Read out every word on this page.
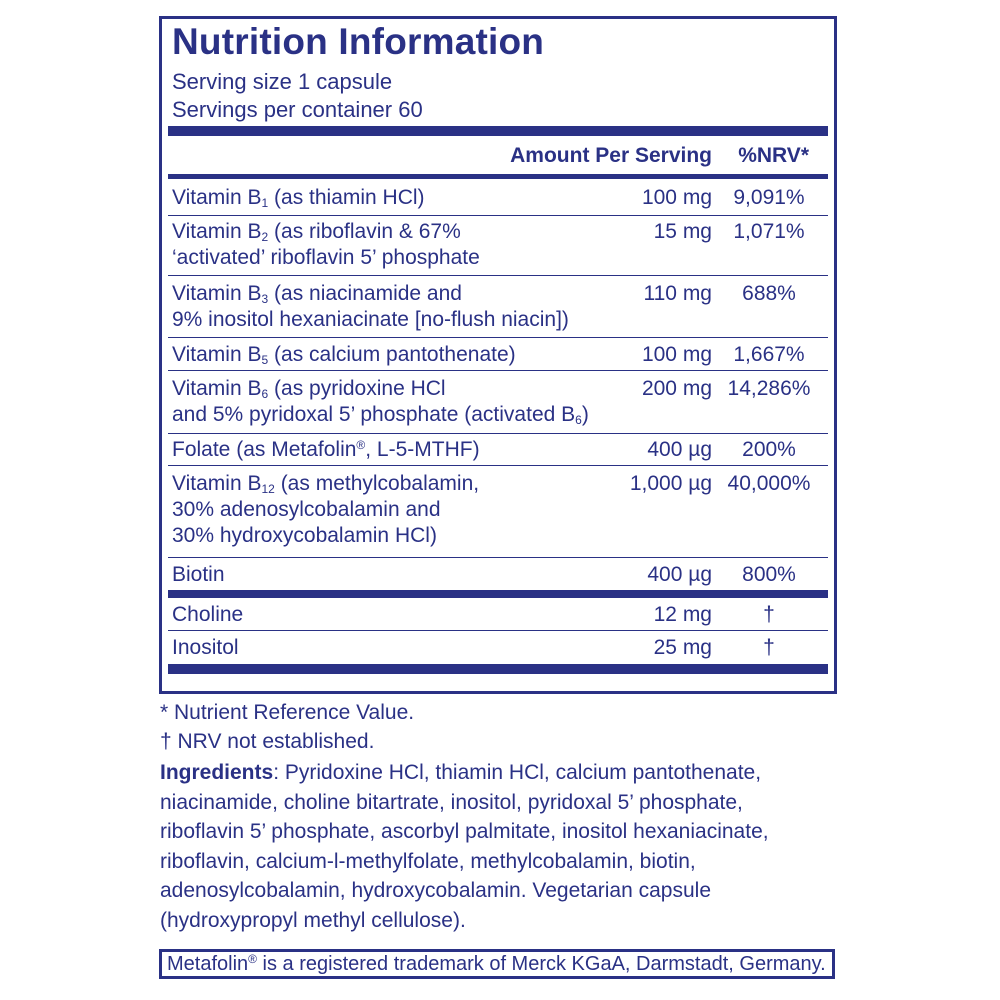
Nutrition Information
Serving size 1 capsule
Servings per container 60
Amount Per Serving %NRV*
Vitamin $B_1$ (as thiamin HCl)	100 mg	9,091%
Vitamin $B_2$ (as riboflavin & 67%
‘activated’ riboflavin 5’ phosphate
15 mg	1,071%
Vitamin $B_3$ (as niacinamide and
9% inositol hexaniacinate [no-flush niacin])
110 mg	688%
Vitamin $B_5$ (as calcium pantothenate)	100 mg	1,667%
Vitamin $B_6$ (as pyridoxine HCl
and 5% pyridoxal 5’ phosphate (activated $B_6$)
200 mg 14,286%
Folate (as Metafolin®, L-5-MTHF)	400 µg	200%
Vitamin $B_{12}$ (as methylcobalamin,
30% adenosylcobalamin and
30% hydroxycobalamin HCl)
1,000 µg 40,000%
Biotin	400 µg	800%
Choline	12 mg	†
Inositol	25 mg	†
* Nutrient Reference Value.
† NRV not established.
Ingredients: Pyridoxine HCl, thiamin HCl, calcium pantothenate,
niacinamide, choline bitartrate, inositol, pyridoxal 5’ phosphate,
riboflavin 5’ phosphate, ascorbyl palmitate, inositol hexaniacinate,
riboflavin, calcium-l-methylfolate, methylcobalamin, biotin,
adenosylcobalamin, hydroxycobalamin. Vegetarian capsule
(hydroxypropyl methyl cellulose).
Metafolin® is a registered trademark of Merck KGaA, Darmstadt, Germany.
